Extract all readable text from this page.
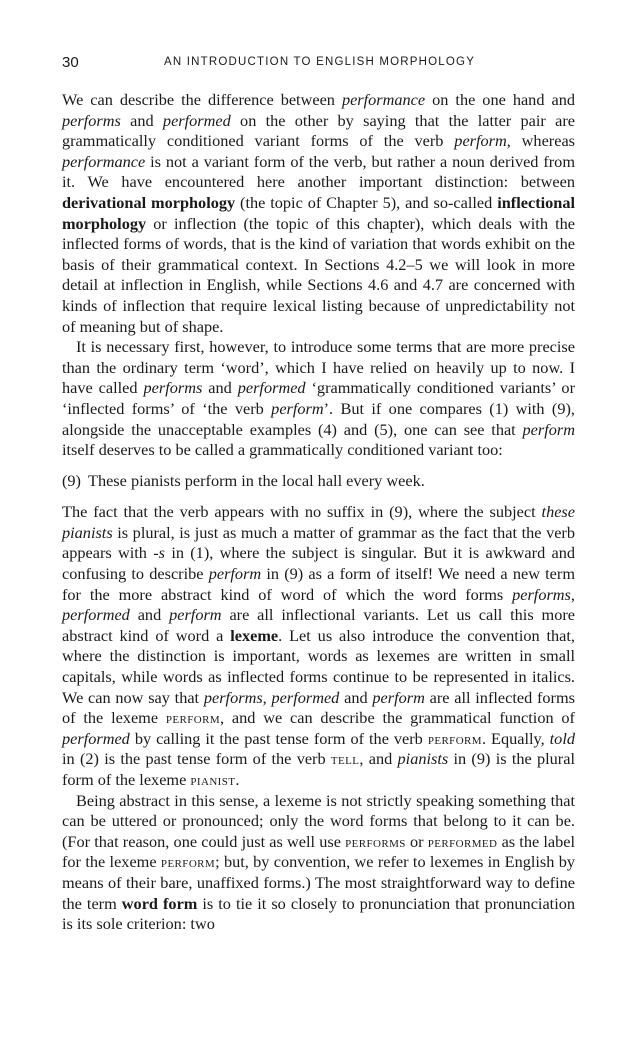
30	AN INTRODUCTION TO ENGLISH MORPHOLOGY

We can describe the difference between performance on the one hand and performs and performed on the other by saying that the latter pair are grammatically conditioned variant forms of the verb perform, whereas performance is not a variant form of the verb, but rather a noun derived from it. We have encountered here another important distinction: between derivational morphology (the topic of Chapter 5), and so-called inflectional morphology or inflection (the topic of this chapter), which deals with the inflected forms of words, that is the kind of variation that words exhibit on the basis of their grammatical context. In Sections 4.2–5 we will look in more detail at inflection in English, while Sections 4.6 and 4.7 are concerned with kinds of inflection that require lexical listing because of unpredictability not of meaning but of shape.

It is necessary first, however, to introduce some terms that are more precise than the ordinary term ‘word’, which I have relied on heavily up to now. I have called performs and performed ‘grammatically conditioned variants’ or ‘inflected forms’ of ‘the verb perform’. But if one compares (1) with (9), alongside the unacceptable examples (4) and (5), one can see that perform itself deserves to be called a grammatically conditioned variant too:

(9) These pianists perform in the local hall every week.

The fact that the verb appears with no suffix in (9), where the subject these pianists is plural, is just as much a matter of grammar as the fact that the verb appears with -s in (1), where the subject is singular. But it is awkward and confusing to describe perform in (9) as a form of itself! We need a new term for the more abstract kind of word of which the word forms performs, performed and perform are all inflectional variants. Let us call this more abstract kind of word a lexeme. Let us also introduce the convention that, where the distinction is important, words as lexemes are written in small capitals, while words as inflected forms continue to be represented in italics. We can now say that performs, performed and perform are all inflected forms of the lexeme perform, and we can describe the grammatical function of performed by calling it the past tense form of the verb perform. Equally, told in (2) is the past tense form of the verb tell, and pianists in (9) is the plural form of the lexeme pianist.

Being abstract in this sense, a lexeme is not strictly speaking something that can be uttered or pronounced; only the word forms that belong to it can be. (For that reason, one could just as well use performs or performed as the label for the lexeme perform; but, by convention, we refer to lexemes in English by means of their bare, unaffixed forms.) The most straightforward way to define the term word form is to tie it so closely to pronunciation that pronunciation is its sole criterion: two
